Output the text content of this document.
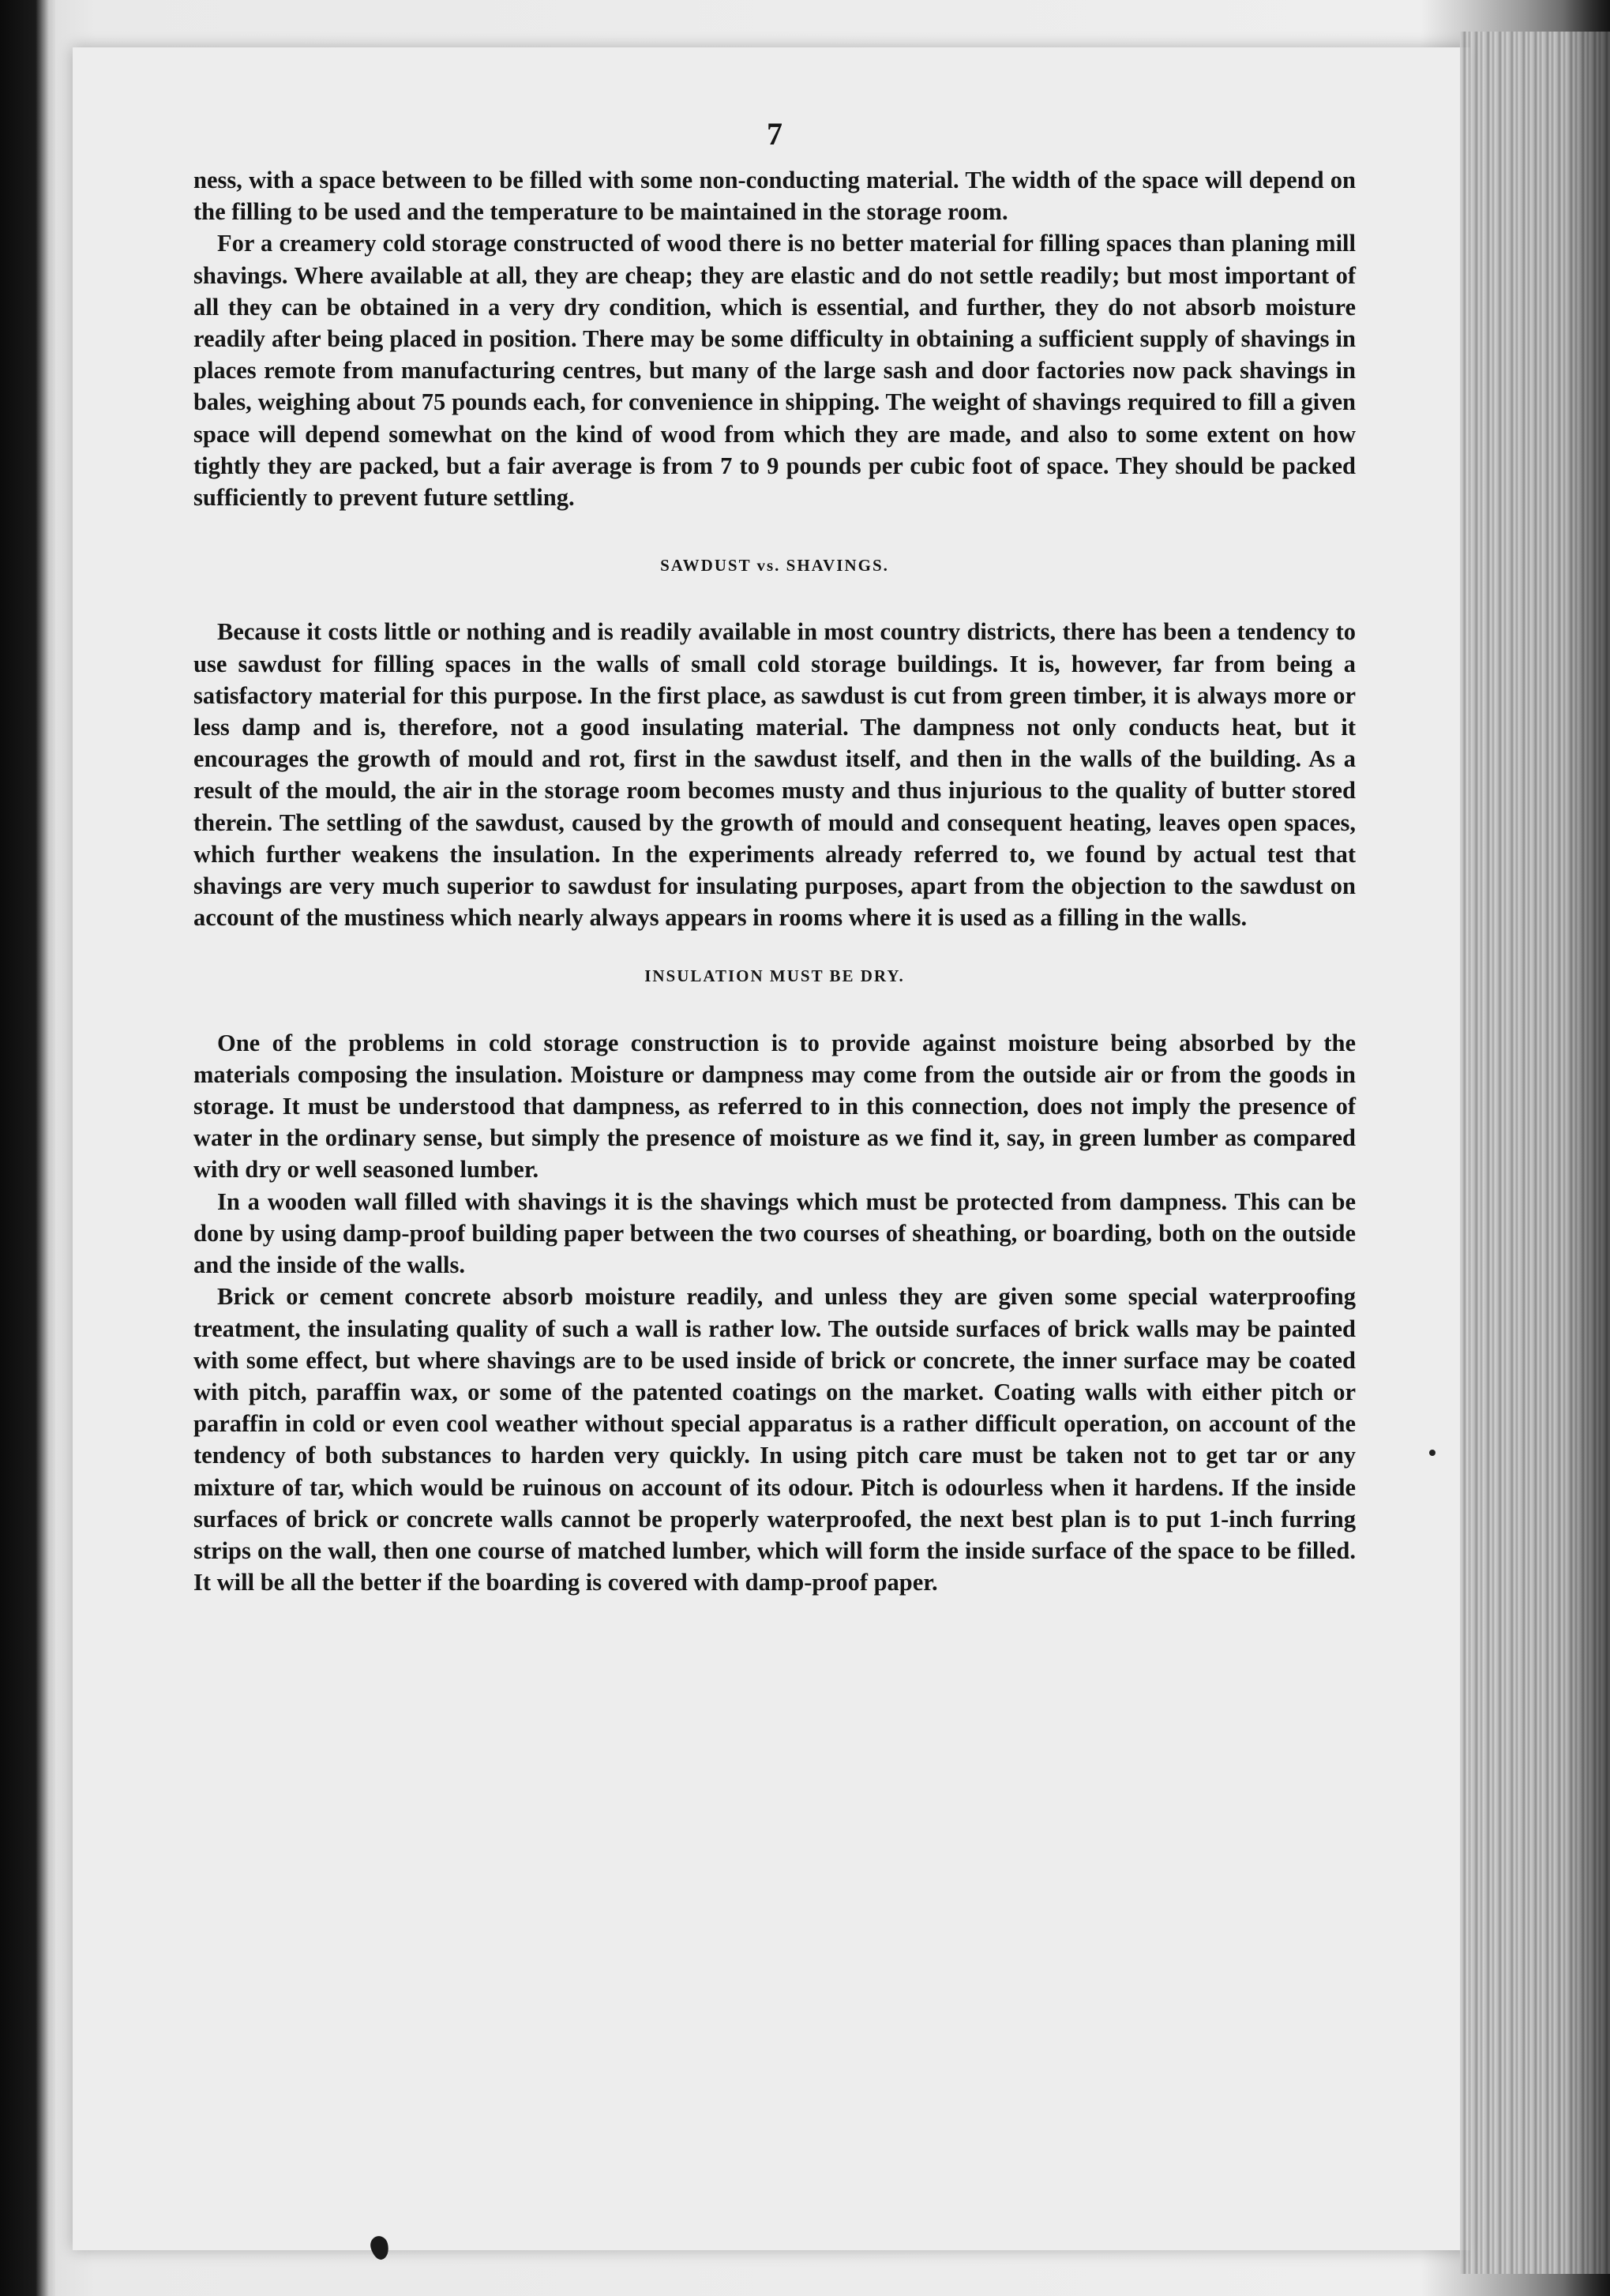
7

ness, with a space between to be filled with some non-conducting material. The width of the space will depend on the filling to be used and the temperature to be maintained in the storage room.

For a creamery cold storage constructed of wood there is no better material for filling spaces than planing mill shavings. Where available at all, they are cheap; they are elastic and do not settle readily; but most important of all they can be obtained in a very dry condition, which is essential, and further, they do not absorb moisture readily after being placed in position. There may be some difficulty in obtaining a sufficient supply of shavings in places remote from manufacturing centres, but many of the large sash and door factories now pack shavings in bales, weighing about 75 pounds each, for convenience in shipping. The weight of shavings required to fill a given space will depend somewhat on the kind of wood from which they are made, and also to some extent on how tightly they are packed, but a fair average is from 7 to 9 pounds per cubic foot of space. They should be packed sufficiently to prevent future settling.

SAWDUST vs. SHAVINGS.

Because it costs little or nothing and is readily available in most country districts, there has been a tendency to use sawdust for filling spaces in the walls of small cold storage buildings. It is, however, far from being a satisfactory material for this purpose. In the first place, as sawdust is cut from green timber, it is always more or less damp and is, therefore, not a good insulating material. The dampness not only conducts heat, but it encourages the growth of mould and rot, first in the sawdust itself, and then in the walls of the building. As a result of the mould, the air in the storage room becomes musty and thus injurious to the quality of butter stored therein. The settling of the sawdust, caused by the growth of mould and consequent heating, leaves open spaces, which further weakens the insulation. In the experiments already referred to, we found by actual test that shavings are very much superior to sawdust for insulating purposes, apart from the objection to the sawdust on account of the mustiness which nearly always appears in rooms where it is used as a filling in the walls.

INSULATION MUST BE DRY.

One of the problems in cold storage construction is to provide against moisture being absorbed by the materials composing the insulation. Moisture or dampness may come from the outside air or from the goods in storage. It must be understood that dampness, as referred to in this connection, does not imply the presence of water in the ordinary sense, but simply the presence of moisture as we find it, say, in green lumber as compared with dry or well seasoned lumber.

In a wooden wall filled with shavings it is the shavings which must be protected from dampness. This can be done by using damp-proof building paper between the two courses of sheathing, or boarding, both on the outside and the inside of the walls.

Brick or cement concrete absorb moisture readily, and unless they are given some special waterproofing treatment, the insulating quality of such a wall is rather low. The outside surfaces of brick walls may be painted with some effect, but where shavings are to be used inside of brick or concrete, the inner surface may be coated with pitch, paraffin wax, or some of the patented coatings on the market. Coating walls with either pitch or paraffin in cold or even cool weather without special apparatus is a rather difficult operation, on account of the tendency of both substances to harden very quickly. In using pitch care must be taken not to get tar or any mixture of tar, which would be ruinous on account of its odour. Pitch is odourless when it hardens. If the inside surfaces of brick or concrete walls cannot be properly waterproofed, the next best plan is to put 1-inch furring strips on the wall, then one course of matched lumber, which will form the inside surface of the space to be filled. It will be all the better if the boarding is covered with damp-proof paper.
